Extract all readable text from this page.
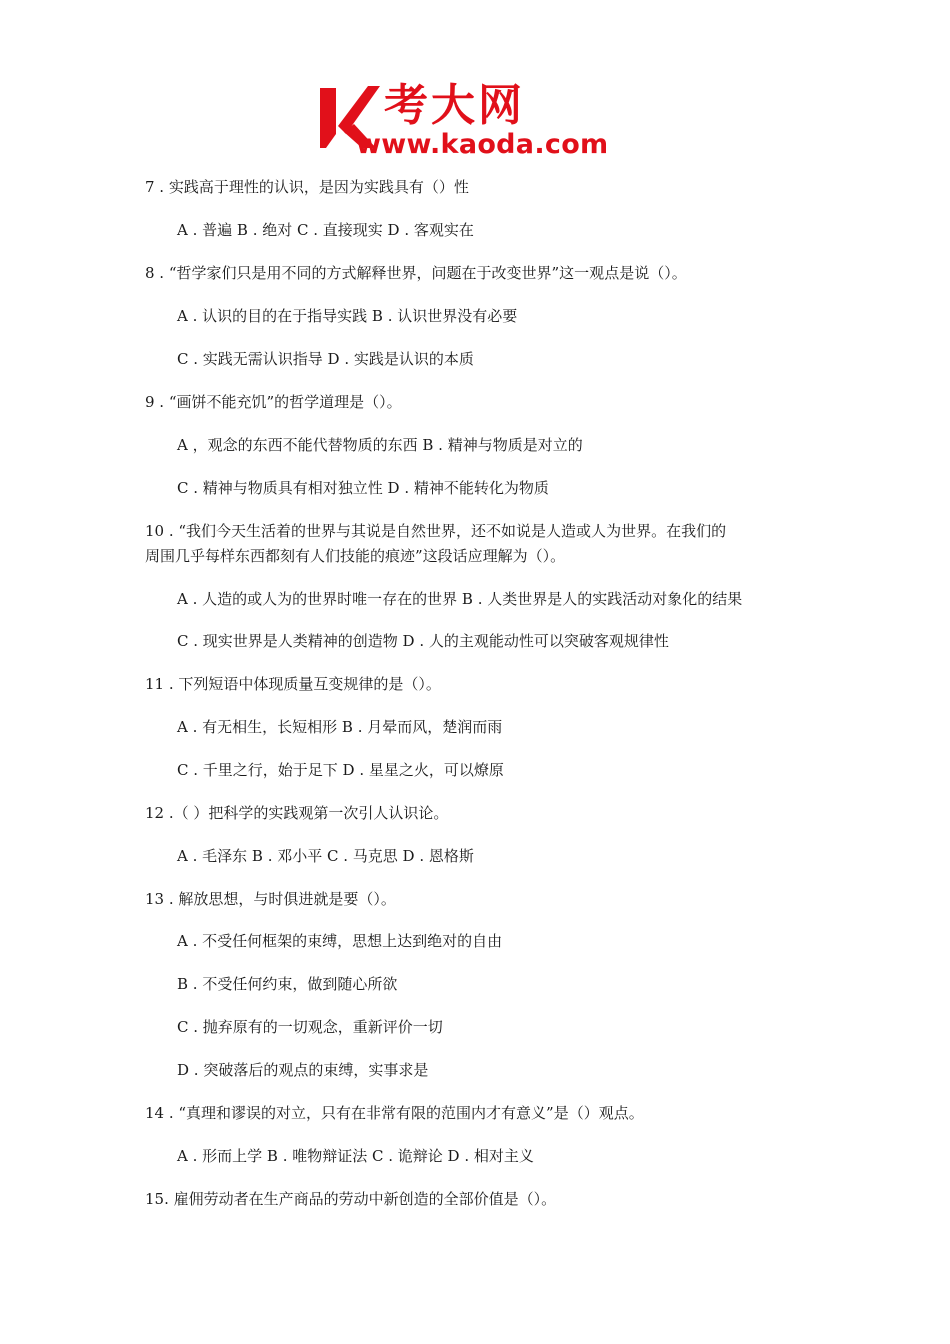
考大网
www.kaoda.com
7 . 实践高于理性的认识，是因为实践具有（）性
A . 普遍 B . 绝对 C . 直接现实 D . 客观实在
8 . “哲学家们只是用不同的方式解释世界，问题在于改变世界”这一观点是说（）。
A . 认识的目的在于指导实践 B . 认识世界没有必要
C . 实践无需认识指导 D . 实践是认识的本质
9 . “画饼不能充饥”的哲学道理是（）。
A ，观念的东西不能代替物质的东西 B . 精神与物质是对立的
C . 精神与物质具有相对独立性 D . 精神不能转化为物质
10 . “我们今天生活着的世界与其说是自然世界，还不如说是人造或人为世界。在我们的
周围几乎每样东西都刻有人们技能的痕迹”这段话应理解为（）。
A . 人造的或人为的世界时唯一存在的世界 B . 人类世界是人的实践活动对象化的结果
C . 现实世界是人类精神的创造物 D . 人的主观能动性可以突破客观规律性
11 . 下列短语中体现质量互变规律的是（）。
A . 有无相生，长短相形 B . 月晕而风，楚润而雨
C . 千里之行，始于足下 D . 星星之火，可以燎原
12 .（ ）把科学的实践观第一次引人认识论。
A . 毛泽东 B . 邓小平 C . 马克思 D . 恩格斯
13 . 解放思想，与时俱进就是要（）。
A . 不受任何框架的束缚，思想上达到绝对的自由
B . 不受任何约束，做到随心所欲
C . 抛弃原有的一切观念，重新评价一切
D . 突破落后的观点的束缚，实事求是
14 . “真理和谬误的对立，只有在非常有限的范围内才有意义”是（）观点。
A . 形而上学 B . 唯物辩证法 C . 诡辩论 D . 相对主义
15. 雇佣劳动者在生产商品的劳动中新创造的全部价值是（）。
